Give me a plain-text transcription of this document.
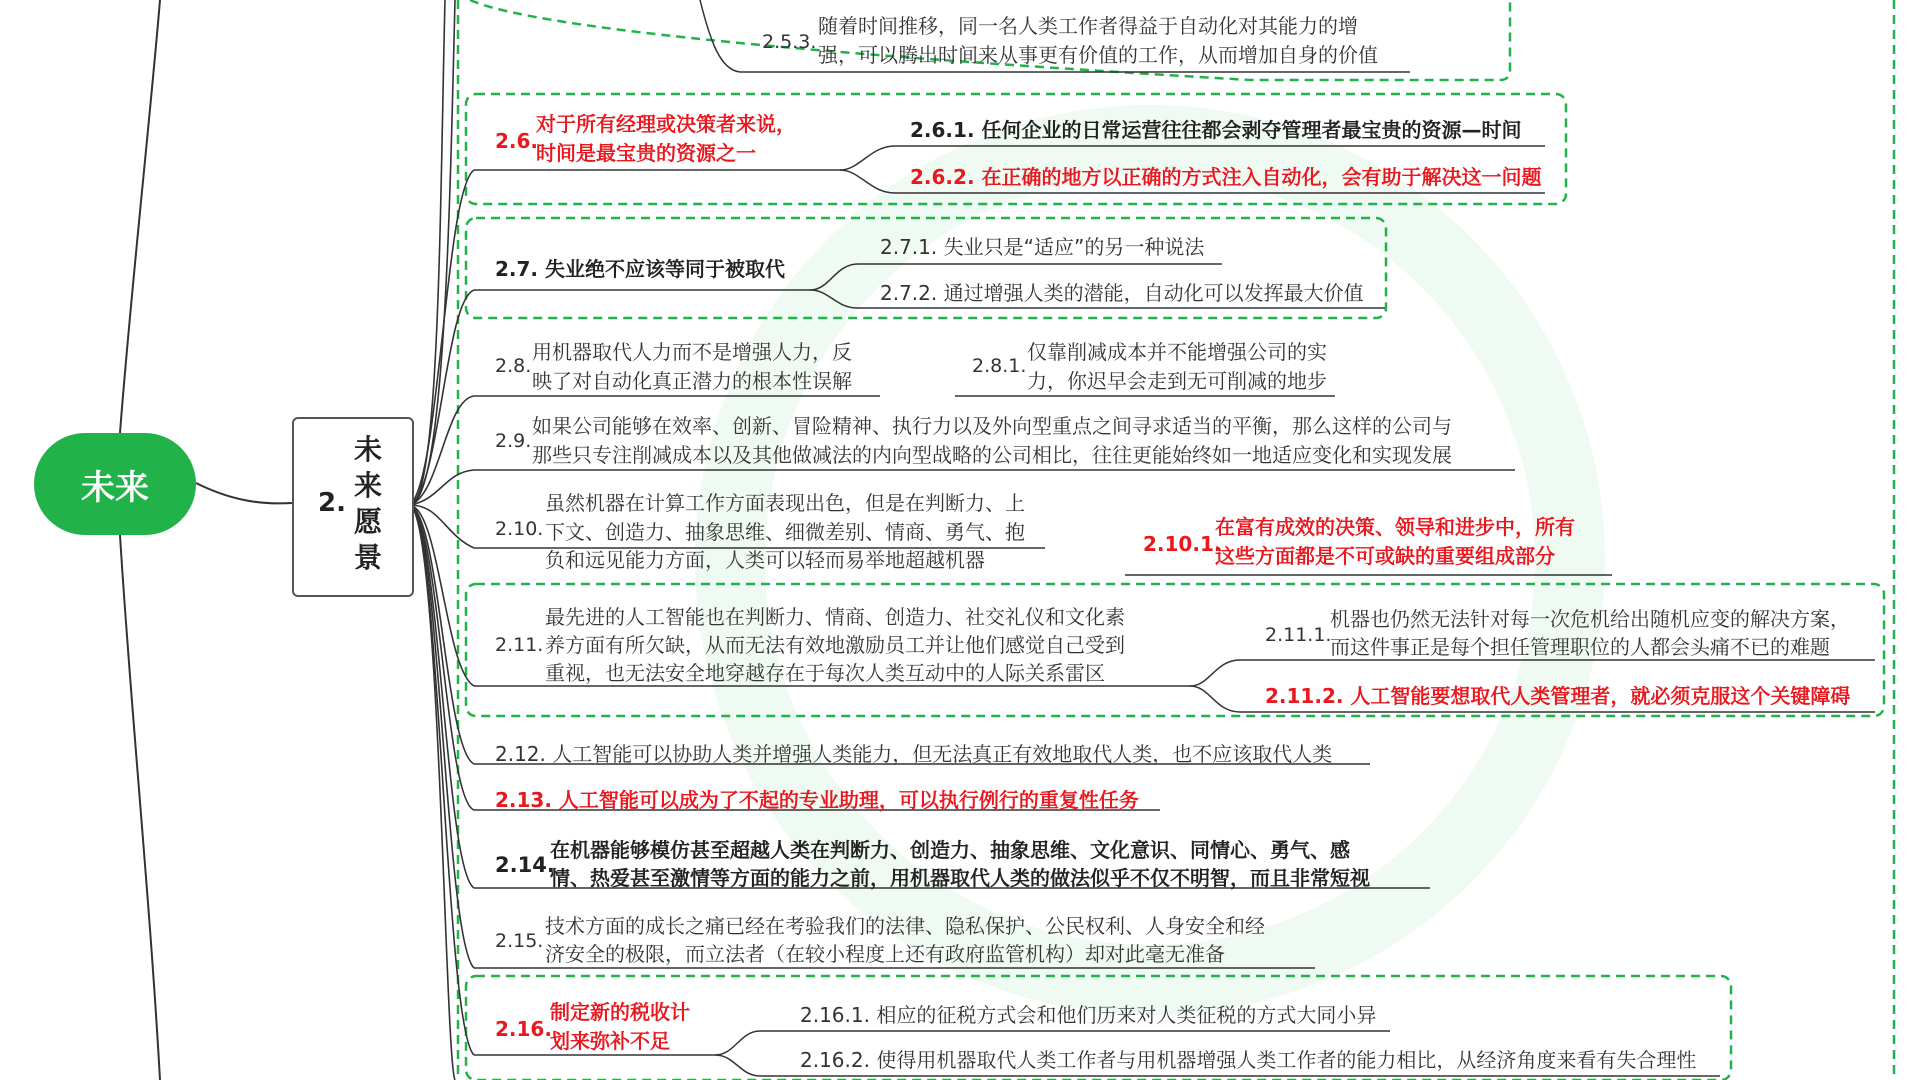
未来	2.
未来愿景
2.5.3.
随着时间推移，同一名人类工作者得益于自动化对其能力的增
强，可以腾出时间来从事更有价值的工作，从而增加自身的价值
2.6.
对于所有经理或决策者来说，
时间是最宝贵的资源之一
2.6.1. 任何企业的日常运营往往都会剥夺管理者最宝贵的资源—时间
2.6.2. 在正确的地方以正确的方式注入自动化，会有助于解决这一问题
2.7. 失业绝不应该等同于被取代
2.7.1. 失业只是“适应”的另一种说法
2.7.2. 通过增强人类的潜能，自动化可以发挥最大价值
2.8.
用机器取代人力而不是增强人力，反
映了对自动化真正潜力的根本性误解
2.8.1.
仅靠削减成本并不能增强公司的实
力，你迟早会走到无可削减的地步
2.9.
如果公司能够在效率、创新、冒险精神、执行力以及外向型重点之间寻求适当的平衡，那么这样的公司与
那些只专注削减成本以及其他做减法的内向型战略的公司相比，往往更能始终如一地适应变化和实现发展
2.10.
虽然机器在计算工作方面表现出色，但是在判断力、上
下文、创造力、抽象思维、细微差别、情商、勇气、抱
负和远见能力方面，人类可以轻而易举地超越机器
2.10.1.
在富有成效的决策、领导和进步中，所有
这些方面都是不可或缺的重要组成部分
2.11.
最先进的人工智能也在判断力、情商、创造力、社交礼仪和文化素
养方面有所欠缺，从而无法有效地激励员工并让他们感觉自己受到
重视，也无法安全地穿越存在于每次人类互动中的人际关系雷区
2.11.1.
机器也仍然无法针对每一次危机给出随机应变的解决方案，
而这件事正是每个担任管理职位的人都会头痛不已的难题
2.11.2. 人工智能要想取代人类管理者，就必须克服这个关键障碍
2.12. 人工智能可以协助人类并增强人类能力，但无法真正有效地取代人类，也不应该取代人类
2.13. 人工智能可以成为了不起的专业助理，可以执行例行的重复性任务
2.14.
在机器能够模仿甚至超越人类在判断力、创造力、抽象思维、文化意识、同情心、勇气、感
情、热爱甚至激情等方面的能力之前，用机器取代人类的做法似乎不仅不明智，而且非常短视
2.15.
技术方面的成长之痛已经在考验我们的法律、隐私保护、公民权利、人身安全和经
济安全的极限，而立法者（在较小程度上还有政府监管机构）却对此毫无准备
2.16.
制定新的税收计
划来弥补不足
2.16.1. 相应的征税方式会和他们历来对人类征税的方式大同小异
2.16.2. 使得用机器取代人类工作者与用机器增强人类工作者的能力相比，从经济角度来看有失合理性
